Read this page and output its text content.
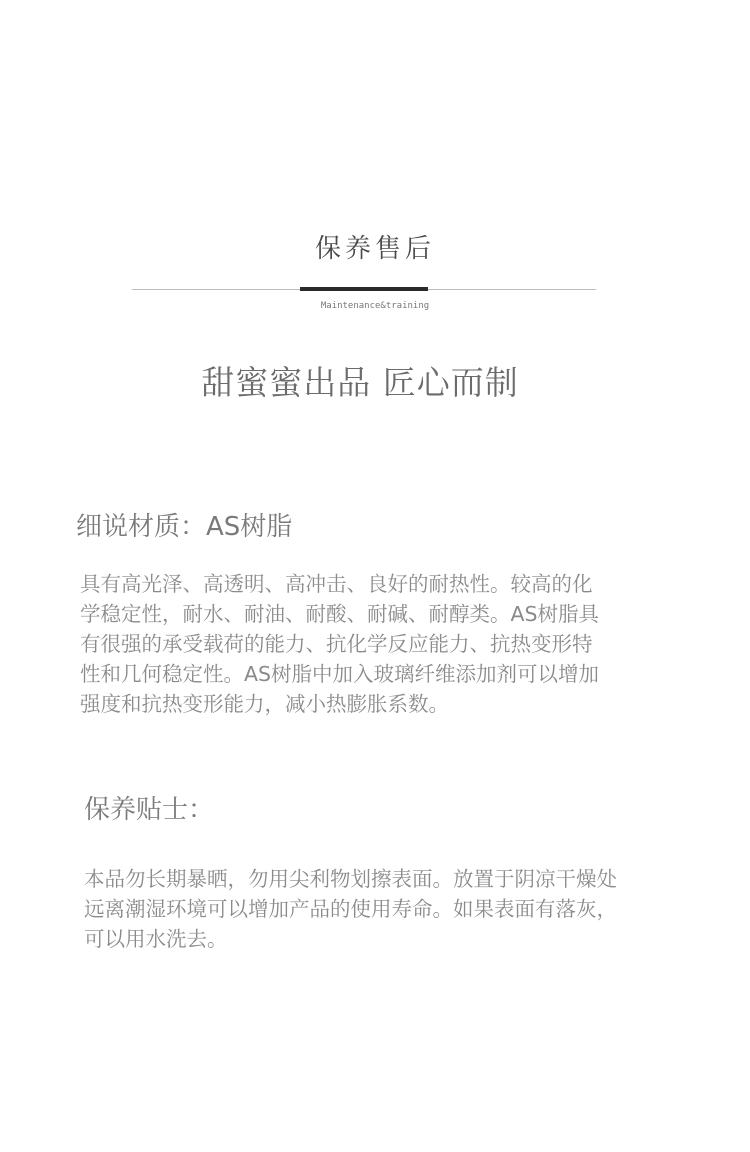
保养售后
Maintenance&training
甜蜜蜜出品 匠心而制
细说材质：AS树脂
具有高光泽、高透明、高冲击、良好的耐热性。较高的化
学稳定性，耐水、耐油、耐酸、耐碱、耐醇类。AS树脂具
有很强的承受载荷的能力、抗化学反应能力、抗热变形特
性和几何稳定性。AS树脂中加入玻璃纤维添加剂可以增加
强度和抗热变形能力，减小热膨胀系数。
保养贴士：
本品勿长期暴晒，勿用尖利物划擦表面。放置于阴凉干燥处
远离潮湿环境可以增加产品的使用寿命。如果表面有落灰，
可以用水洗去。
